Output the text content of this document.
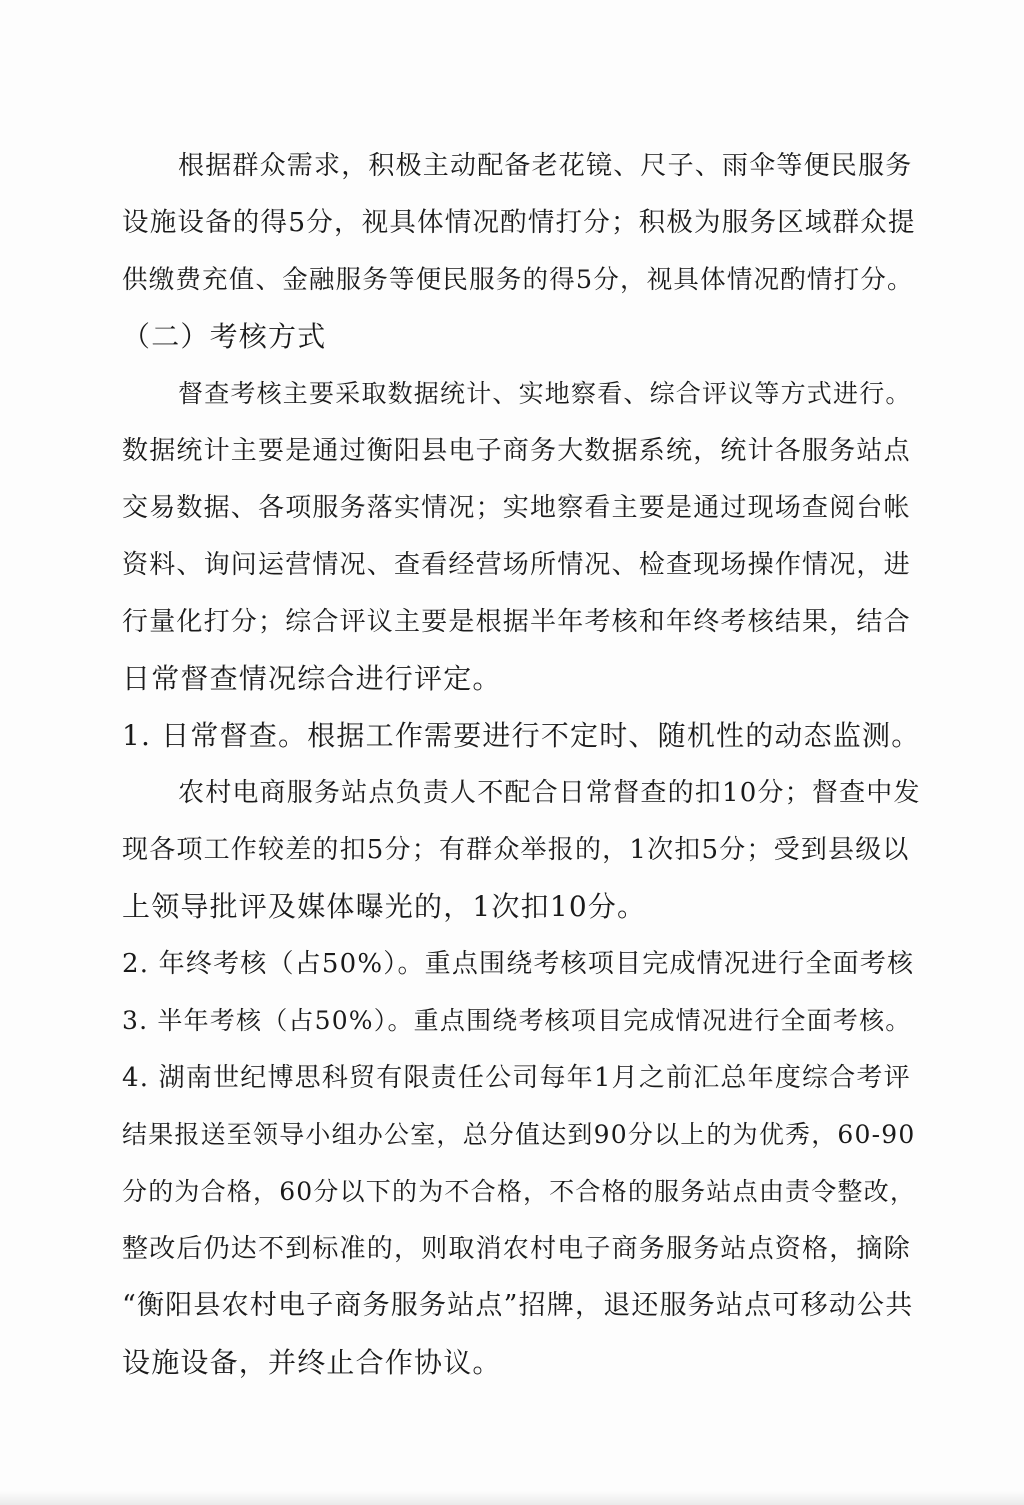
根据群众需求，积极主动配备老花镜、尺子、雨伞等便民服务
设施设备的得5分，视具体情况酌情打分；积极为服务区域群众提
供缴费充值、金融服务等便民服务的得5分，视具体情况酌情打分。
（二）考核方式
督查考核主要采取数据统计、实地察看、综合评议等方式进行。
数据统计主要是通过衡阳县电子商务大数据系统，统计各服务站点
交易数据、各项服务落实情况；实地察看主要是通过现场查阅台帐
资料、询问运营情况、查看经营场所情况、检查现场操作情况，进
行量化打分；综合评议主要是根据半年考核和年终考核结果，结合
日常督查情况综合进行评定。
1. 日常督查。根据工作需要进行不定时、随机性的动态监测。
农村电商服务站点负责人不配合日常督查的扣10分；督查中发
现各项工作较差的扣5分；有群众举报的，1次扣5分；受到县级以
上领导批评及媒体曝光的，1次扣10分。
2. 年终考核（占50%）。重点围绕考核项目完成情况进行全面考核
3. 半年考核（占50%）。重点围绕考核项目完成情况进行全面考核。
4. 湖南世纪博思科贸有限责任公司每年1月之前汇总年度综合考评
结果报送至领导小组办公室，总分值达到90分以上的为优秀，60-90
分的为合格，60分以下的为不合格，不合格的服务站点由责令整改，
整改后仍达不到标准的，则取消农村电子商务服务站点资格，摘除
“衡阳县农村电子商务服务站点”招牌，退还服务站点可移动公共
设施设备，并终止合作协议。
